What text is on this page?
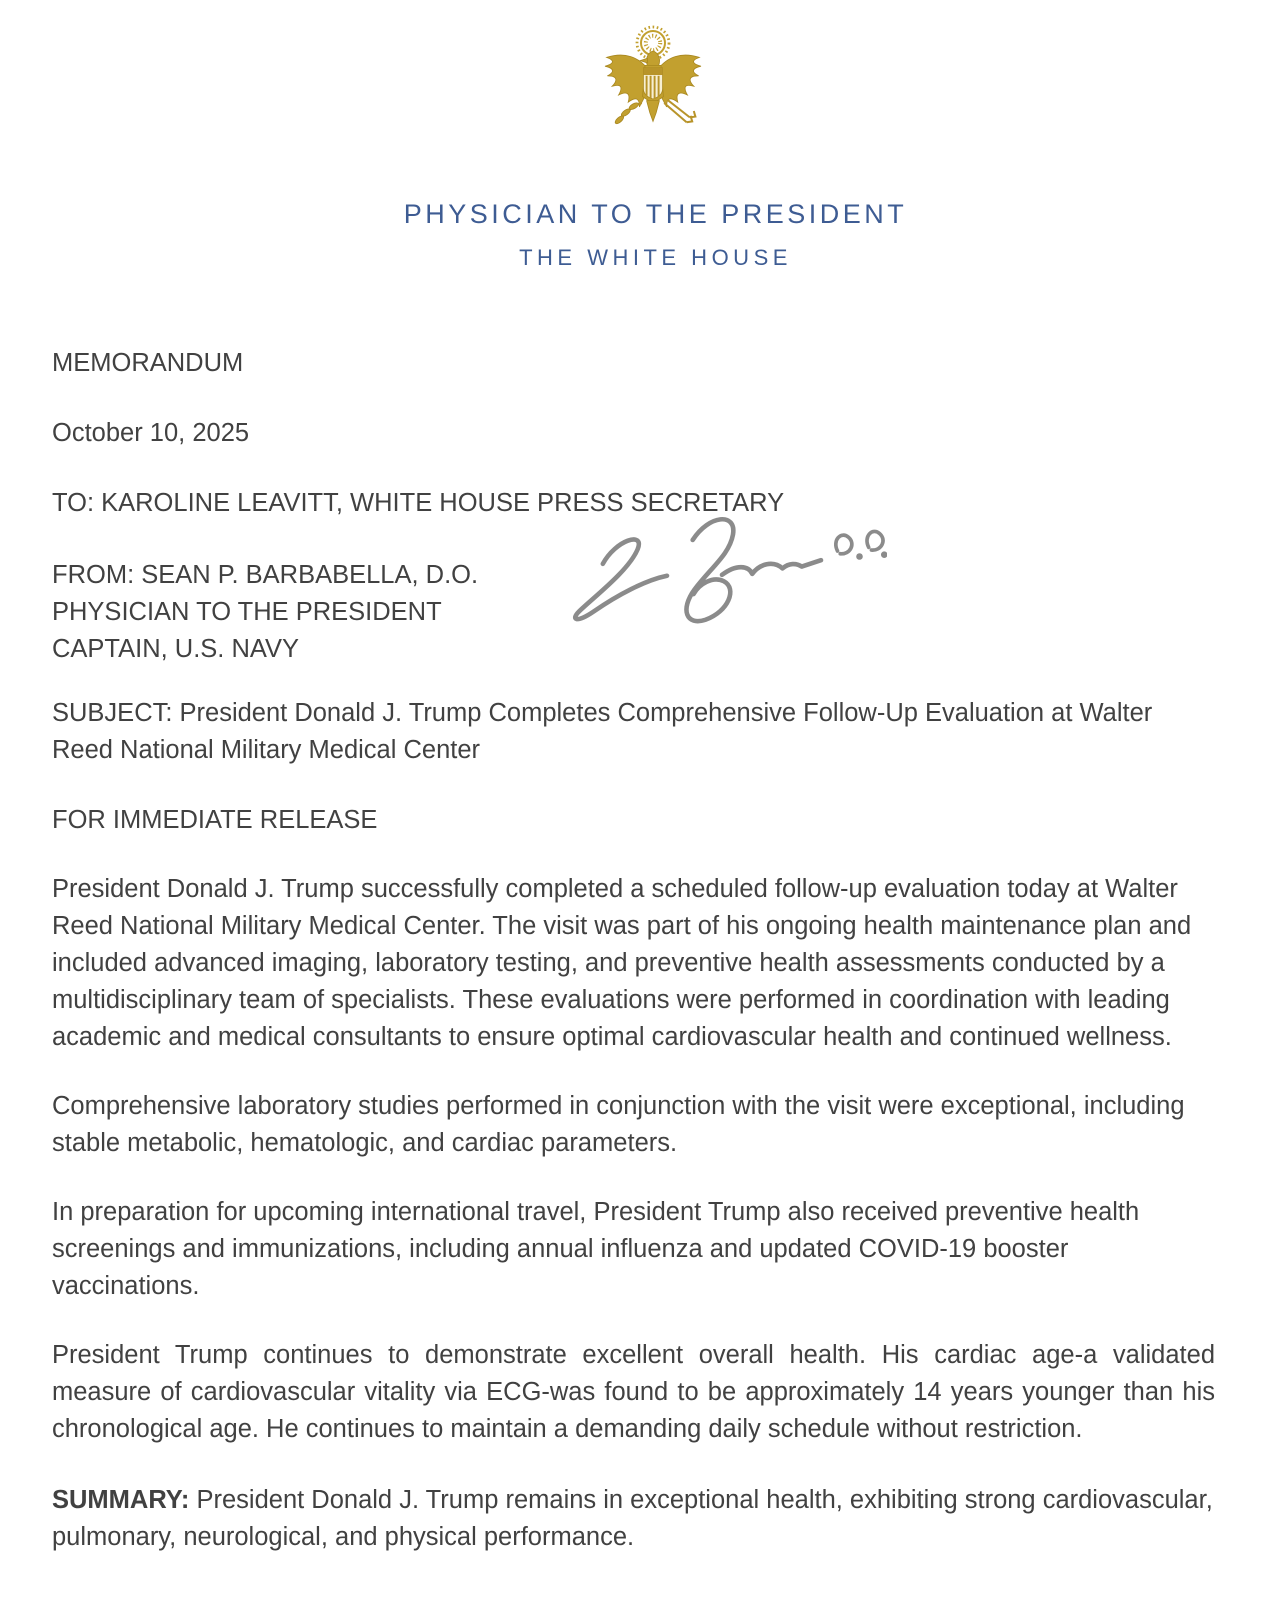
PHYSICIAN TO THE PRESIDENT
THE WHITE HOUSE
MEMORANDUM
October 10, 2025
TO: KAROLINE LEAVITT, WHITE HOUSE PRESS SECRETARY
FROM: SEAN P. BARBABELLA, D.O.
PHYSICIAN TO THE PRESIDENT
CAPTAIN, U.S. NAVY
SUBJECT: President Donald J. Trump Completes Comprehensive Follow-Up Evaluation at Walter Reed National Military Medical Center
FOR IMMEDIATE RELEASE

President Donald J. Trump successfully completed a scheduled follow-up evaluation today at Walter Reed National Military Medical Center. The visit was part of his ongoing health maintenance plan and included advanced imaging, laboratory testing, and preventive health assessments conducted by a multidisciplinary team of specialists. These evaluations were performed in coordination with leading academic and medical consultants to ensure optimal cardiovascular health and continued wellness.

Comprehensive laboratory studies performed in conjunction with the visit were exceptional, including stable metabolic, hematologic, and cardiac parameters.

In preparation for upcoming international travel, President Trump also received preventive health screenings and immunizations, including annual influenza and updated COVID-19 booster vaccinations.

President Trump continues to demonstrate excellent overall health. His cardiac age-a validated measure of cardiovascular vitality via ECG-was found to be approximately 14 years younger than his chronological age. He continues to maintain a demanding daily schedule without restriction.

SUMMARY: President Donald J. Trump remains in exceptional health, exhibiting strong cardiovascular, pulmonary, neurological, and physical performance.
